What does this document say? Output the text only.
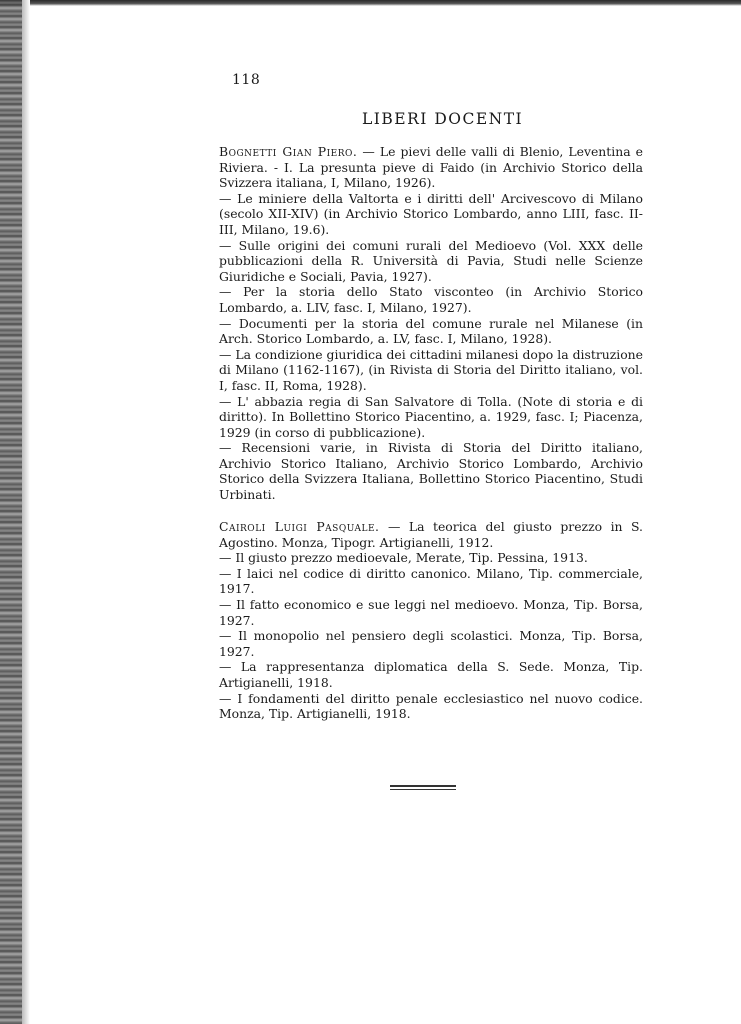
118
LIBERI DOCENTI

Bognetti Gian Piero. — Le pievi delle valli di Blenio, Leventina e Riviera. - I. La presunta pieve di Faido (in Archivio Storico della Svizzera italiana, I, Milano, 1926).

— Le miniere della Valtorta e i diritti dell' Arcivescovo di Milano (secolo XII-XIV) (in Archivio Storico Lombardo, anno LIII, fasc. II-III, Milano, 19.6).

— Sulle origini dei comuni rurali del Medioevo (Vol. XXX delle pubblicazioni della R. Università di Pavia, Studi nelle Scienze Giuridiche e Sociali, Pavia, 1927).

— Per la storia dello Stato visconteo (in Archivio Storico Lombardo, a. LIV, fasc. I, Milano, 1927).

— Documenti per la storia del comune rurale nel Milanese (in Arch. Storico Lombardo, a. LV, fasc. I, Milano, 1928).

— La condizione giuridica dei cittadini milanesi dopo la distruzione di Milano (1162-1167), (in Rivista di Storia del Diritto italiano, vol. I, fasc. II, Roma, 1928).

— L' abbazia regia di San Salvatore di Tolla. (Note di storia e di diritto). In Bollettino Storico Piacentino, a. 1929, fasc. I; Piacenza, 1929 (in corso di pubblicazione).

— Recensioni varie, in Rivista di Storia del Diritto italiano, Archivio Storico Italiano, Archivio Storico Lombardo, Archivio Storico della Svizzera Italiana, Bollettino Storico Piacentino, Studi Urbinati.

Cairoli Luigi Pasquale. — La teorica del giusto prezzo in S. Agostino. Monza, Tipogr. Artigianelli, 1912.

— Il giusto prezzo medioevale, Merate, Tip. Pessina, 1913.

— I laici nel codice di diritto canonico. Milano, Tip. commerciale, 1917.

— Il fatto economico e sue leggi nel medioevo. Monza, Tip. Borsa, 1927.

— Il monopolio nel pensiero degli scolastici. Monza, Tip. Borsa, 1927.

— La rappresentanza diplomatica della S. Sede. Monza, Tip. Artigianelli, 1918.

— I fondamenti del diritto penale ecclesiastico nel nuovo codice. Monza, Tip. Artigianelli, 1918.
